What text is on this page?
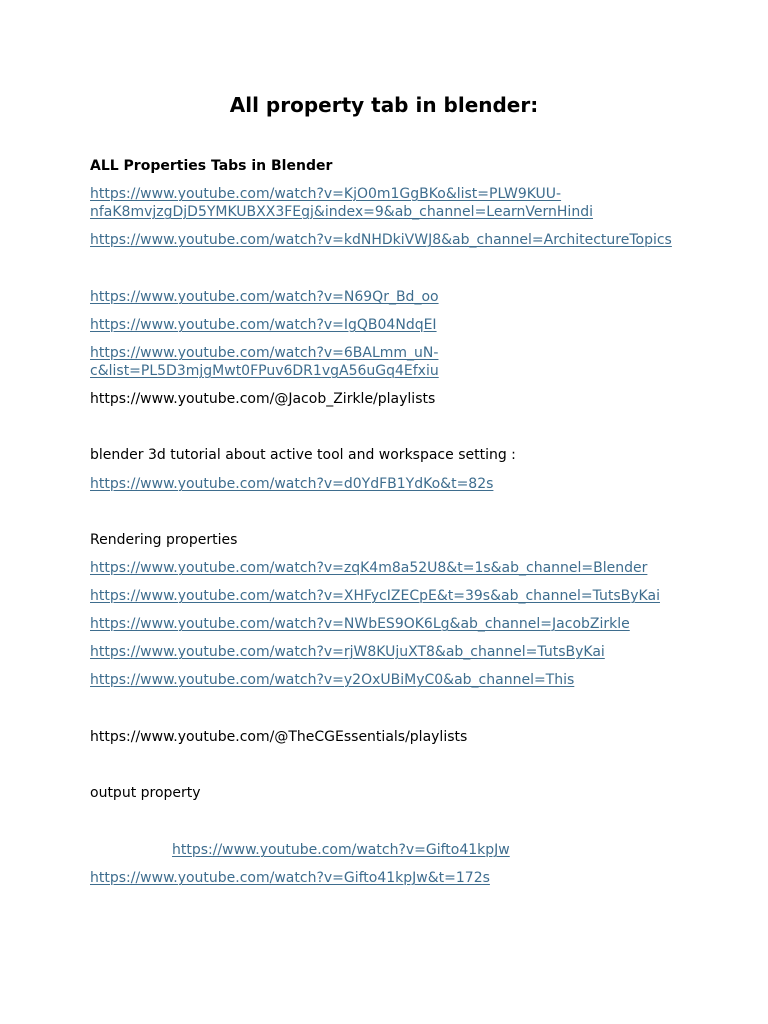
All property tab in blender:
ALL Properties Tabs in Blender
https://www.youtube.com/watch?v=KjO0m1GgBKo&list=PLW9KUU-
nfaK8mvjzgDjD5YMKUBXX3FEgj&index=9&ab_channel=LearnVernHindi
https://www.youtube.com/watch?v=kdNHDkiVWJ8&ab_channel=ArchitectureTopics
https://www.youtube.com/watch?v=N69Qr_Bd_oo
https://www.youtube.com/watch?v=IgQB04NdqEI
https://www.youtube.com/watch?v=6BALmm_uN-
c&list=PL5D3mjgMwt0FPuv6DR1vgA56uGq4Efxiu
https://www.youtube.com/@Jacob_Zirkle/playlists
blender 3d tutorial about active tool and workspace setting :
https://www.youtube.com/watch?v=d0YdFB1YdKo&t=82s
Rendering properties
https://www.youtube.com/watch?v=zqK4m8a52U8&t=1s&ab_channel=Blender
https://www.youtube.com/watch?v=XHFycIZECpE&t=39s&ab_channel=TutsByKai
https://www.youtube.com/watch?v=NWbES9OK6Lg&ab_channel=JacobZirkle
https://www.youtube.com/watch?v=rjW8KUjuXT8&ab_channel=TutsByKai
https://www.youtube.com/watch?v=y2OxUBiMyC0&ab_channel=This
https://www.youtube.com/@TheCGEssentials/playlists
output property
https://www.youtube.com/watch?v=Gifto41kpJw
https://www.youtube.com/watch?v=Gifto41kpJw&t=172s
